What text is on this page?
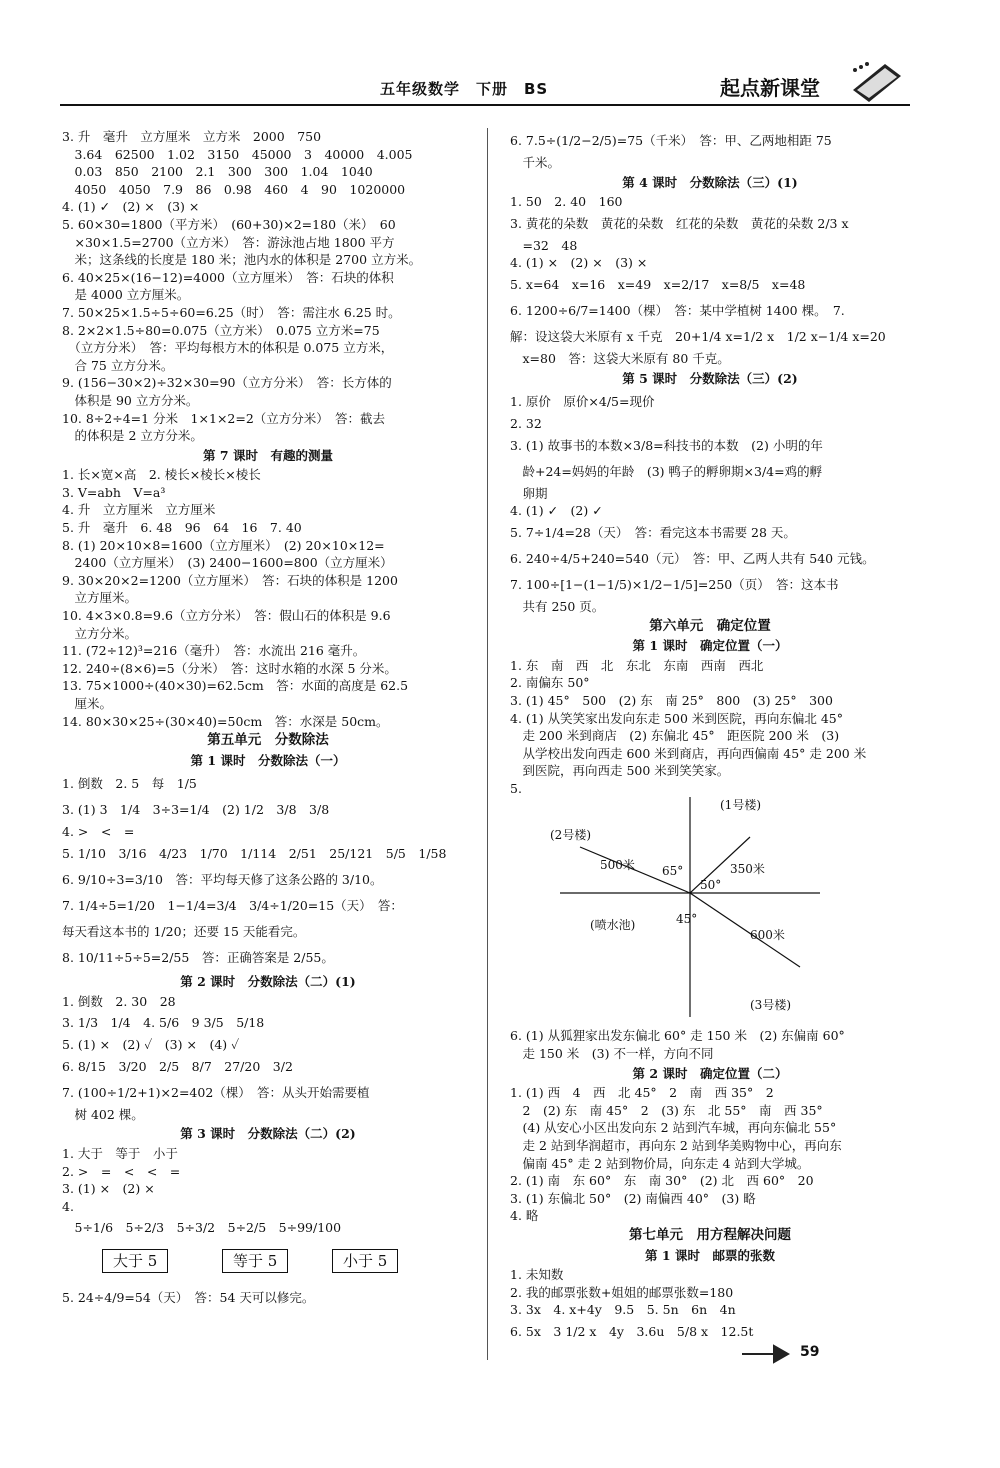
五年级数学　下册　BS	起点新课堂
3. 升　毫升　立方厘米　立方米　2000　750
　3.64　62500　1.02　3150　45000　3　40000　4.005
　0.03　850　2100　2.1　300　300　1.04　1040
　4050　4050　7.9　86　0.98　460　4　90　1020000
4. (1) ✓　(2) ×　(3) ×
5. 60×30=1800（平方米）　(60+30)×2=180（米）　60
　×30×1.5=2700（立方米）　答：游泳池占地 1800 平方
　米；这条线的长度是 180 米；池内水的体积是 2700 立方米。
6. 40×25×(16−12)=4000（立方厘米）　答：石块的体积
　是 4000 立方厘米。
7. 50×25×1.5÷5÷60=6.25（时）　答：需注水 6.25 时。
8. 2×2×1.5÷80=0.075（立方米）　0.075 立方米=75
　（立方分米）　答：平均每根方木的体积是 0.075 立方米，
　合 75 立方分米。
9. (156−30×2)÷32×30=90（立方分米）　答：长方体的
　体积是 90 立方分米。
10. 8÷2÷4=1 分米　1×1×2=2（立方分米）　答：截去
　的体积是 2 立方分米。
第 7 课时　有趣的测量
1. 长×宽×高　2. 棱长×棱长×棱长
3. V=abh　V=a³
4. 升　立方厘米　立方厘米
5. 升　毫升　6. 48　96　64　16　7. 40
8. (1) 20×10×8=1600（立方厘米）　(2) 20×10×12=
　2400（立方厘米）　(3) 2400−1600=800（立方厘米）
9. 30×20×2=1200（立方厘米）　答：石块的体积是 1200
　立方厘米。
10. 4×3×0.8=9.6（立方分米）　答：假山石的体积是 9.6
　立方分米。
11. (72÷12)³=216（毫升）　答：水流出 216 毫升。
12. 240÷(8×6)=5（分米）　答：这时水箱的水深 5 分米。
13. 75×1000÷(40×30)=62.5cm　答：水面的高度是 62.5
　厘米。
14. 80×30×25÷(30×40)=50cm　答：水深是 50cm。
第五单元　分数除法
第 1 课时　分数除法（一）
1. 倒数　2. 5　每　1/5
3. (1) 3　1/4　3÷3=1/4　(2) 1/2　3/8　3/8
4. >　<　=
5. 1/10　3/16　4/23　1/70　1/114　2/51　25/121　5/5　1/58
6. 9/10÷3=3/10　答：平均每天修了这条公路的 3/10。
7. 1/4÷5=1/20　1−1/4=3/4　3/4÷1/20=15（天）　答：
每天看这本书的 1/20；还要 15 天能看完。
8. 10/11÷5÷5=2/55　答：正确答案是 2/55。
第 2 课时　分数除法（二）(1)
1. 倒数　2. 30　28
3. 1/3　1/4　4. 5/6　9 3/5　5/18
5. (1) ×　(2) ✓　(3) ×　(4) ✓
6. 8/15　3/20　2/5　8/7　27/20　3/2
7. (100÷1/2+1)×2=402（棵）　答：从头开始需要植
　树 402 棵。
第 3 课时　分数除法（二）(2)
1. 大于　等于　小于
2. >　=　<　<　=
3. (1) ×　(2) ×
4.
　5÷1/6　5÷2/3　5÷3/2　5÷2/5　5÷99/100
大于 5	等于 5	小于 5
5. 24÷4/9=54（天）　答：54 天可以修完。
6. 7.5÷(1/2−2/5)=75（千米）　答：甲、乙两地相距 75
　千米。
第 4 课时　分数除法（三）(1)
1. 50　2. 40　160
3. 黄花的朵数　黄花的朵数　红花的朵数　黄花的朵数 2/3 x
　=32　48
4. (1) ×　(2) ×　(3) ×
5. x=64　x=16　x=49　x=2/17　x=8/5　x=48
6. 1200÷6/7=1400（棵）　答：某中学植树 1400 棵。　7.
解：设这袋大米原有 x 千克　20+1/4 x=1/2 x　1/2 x−1/4 x=20
　x=80　答：这袋大米原有 80 千克。
第 5 课时　分数除法（三）(2)
1. 原价　原价×4/5=现价
2. 32
3. (1) 故事书的本数×3/8=科技书的本数　(2) 小明的年
　龄+24=妈妈的年龄　(3) 鸭子的孵卵期×3/4=鸡的孵
　卵期
4. (1) ✓　(2) ✓
5. 7÷1/4=28（天）　答：看完这本书需要 28 天。
6. 240÷4/5+240=540（元）　答：甲、乙两人共有 540 元钱。
7. 100÷[1−(1−1/5)×1/2−1/5]=250（页）　答：这本书
　共有 250 页。
第六单元　确定位置
第 1 课时　确定位置（一）
1. 东　南　西　北　东北　东南　西南　西北
2. 南偏东 50°
3. (1) 45°　500　(2) 东　南 25°　800　(3) 25°　300
4. (1) 从笑笑家出发向东走 500 米到医院，再向东偏北 45°
　走 200 米到商店　(2) 东偏北 45°　距医院 200 米　(3)
　从学校出发向西走 600 米到商店，再向西偏南 45° 走 200 米
　到医院，再向西走 500 米到笑笑家。
5.
(1号楼)
(2号楼)
(喷水池)
(3号楼)
500米	350米
600米
65°
50°
45°
6. (1) 从狐狸家出发东偏北 60° 走 150 米　(2) 东偏南 60°
　走 150 米　(3) 不一样，方向不同
第 2 课时　确定位置（二）
1. (1) 西　4　西　北 45°　2　南　西 35°　2
　2　(2) 东　南 45°　2　(3) 东　北 55°　南　西 35°
　(4) 从安心小区出发向东 2 站到汽车城，再向东偏北 55°
　走 2 站到华润超市，再向东 2 站到华美购物中心，再向东
　偏南 45° 走 2 站到物价局，向东走 4 站到大学城。
2. (1) 南　东 60°　东　南 30°　(2) 北　西 60°　20
3. (1) 东偏北 50°　(2) 南偏西 40°　(3) 略
4. 略
第七单元　用方程解决问题
第 1 课时　邮票的张数
1. 未知数
2. 我的邮票张数+姐姐的邮票张数=180
3. 3x　4. x+4y　9.5　5. 5n　6n　4n
6. 5x　3 1/2 x　4y　3.6u　5/8 x　12.5t
59
